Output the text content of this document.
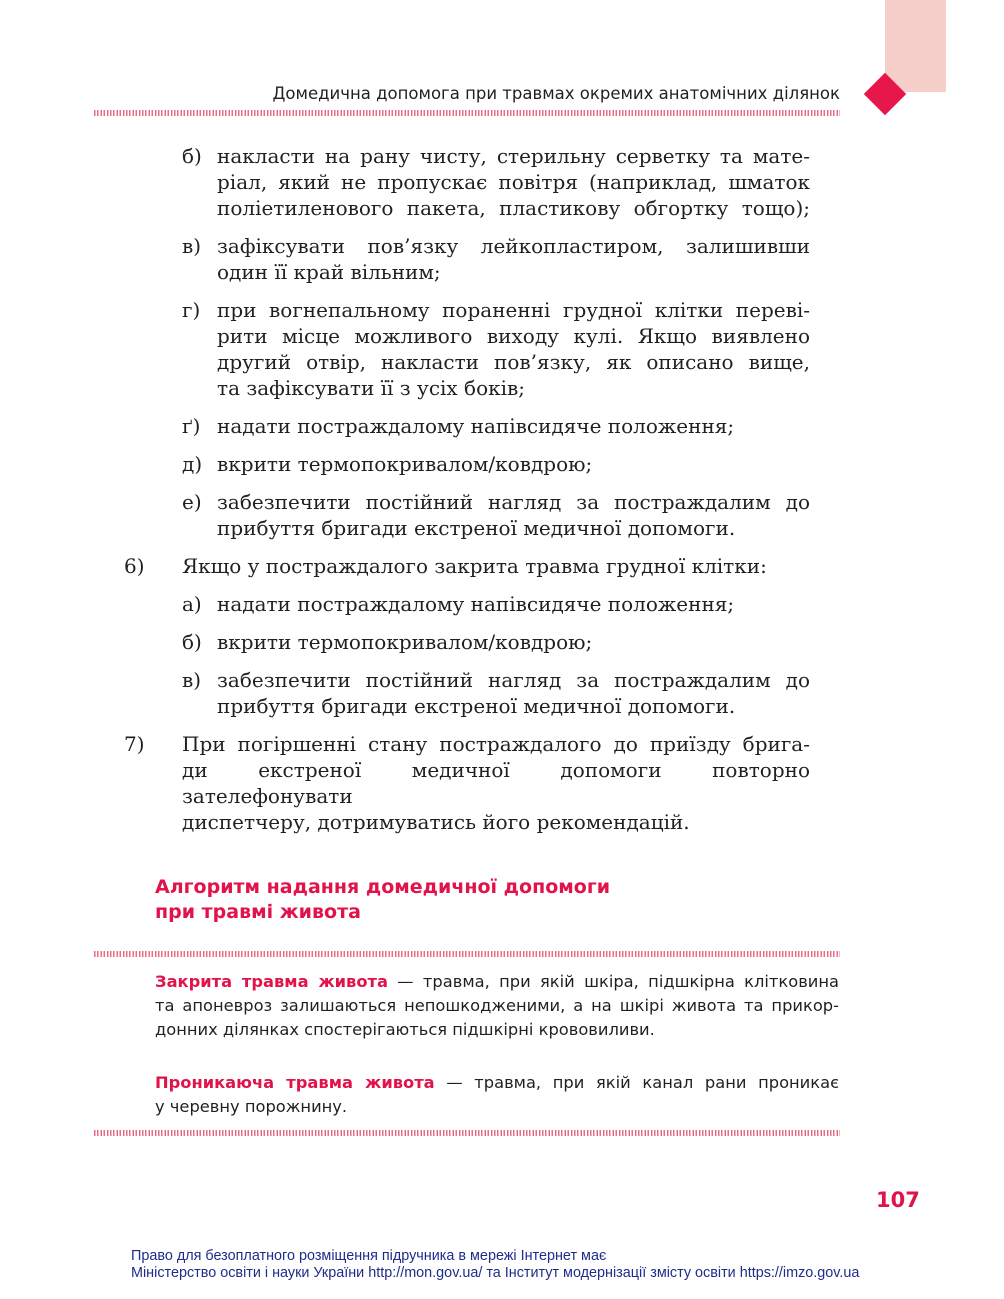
Домедична допомога при травмах окремих анатомічних ділянок
б) накласти на рану чисту, стерильну серветку та мате-
ріал, який не пропускає повітря (наприклад, шматок
поліетиленового пакета, пластикову обгортку тощо);
в) зафіксувати пов’язку лейкопластиром, залишивши
один її край вільним;
г) при вогнепальному пораненні грудної клітки переві-
рити місце можливого виходу кулі. Якщо виявлено
другий отвір, накласти пов’язку, як описано вище,
та зафіксувати її з усіх боків;
ґ) надати постраждалому напівсидяче положення;
д) вкрити термопокривалом/ковдрою;
е) забезпечити постійний нагляд за постраждалим до
прибуття бригади екстреної медичної допомоги.
6) Якщо у постраждалого закрита травма грудної клітки:
а) надати постраждалому напівсидяче положення;
б) вкрити термопокривалом/ковдрою;
в) забезпечити постійний нагляд за постраждалим до
прибуття бригади екстреної медичної допомоги.
7) При погіршенні стану постраждалого до приїзду брига-
ди екстреної медичної допомоги повторно зателефонувати
диспетчеру, дотримуватись його рекомендацій.
Алгоритм надання домедичної допомоги
при травмі живота
Закрита травма живота — травма, при якій шкіра, підшкірна клітковина
та апоневроз залишаються непошкодженими, а на шкірі живота та прикор-
донних ділянках спостерігаються підшкірні крововиливи.
Проникаюча травма живота — травма, при якій канал рани проникає
у черевну порожнину.
107
Право для безоплатного розміщення підручника в мережі Інтернет має
Міністерство освіти і науки України http://mon.gov.ua/ та Інститут модернізації змісту освіти https://imzo.gov.ua
